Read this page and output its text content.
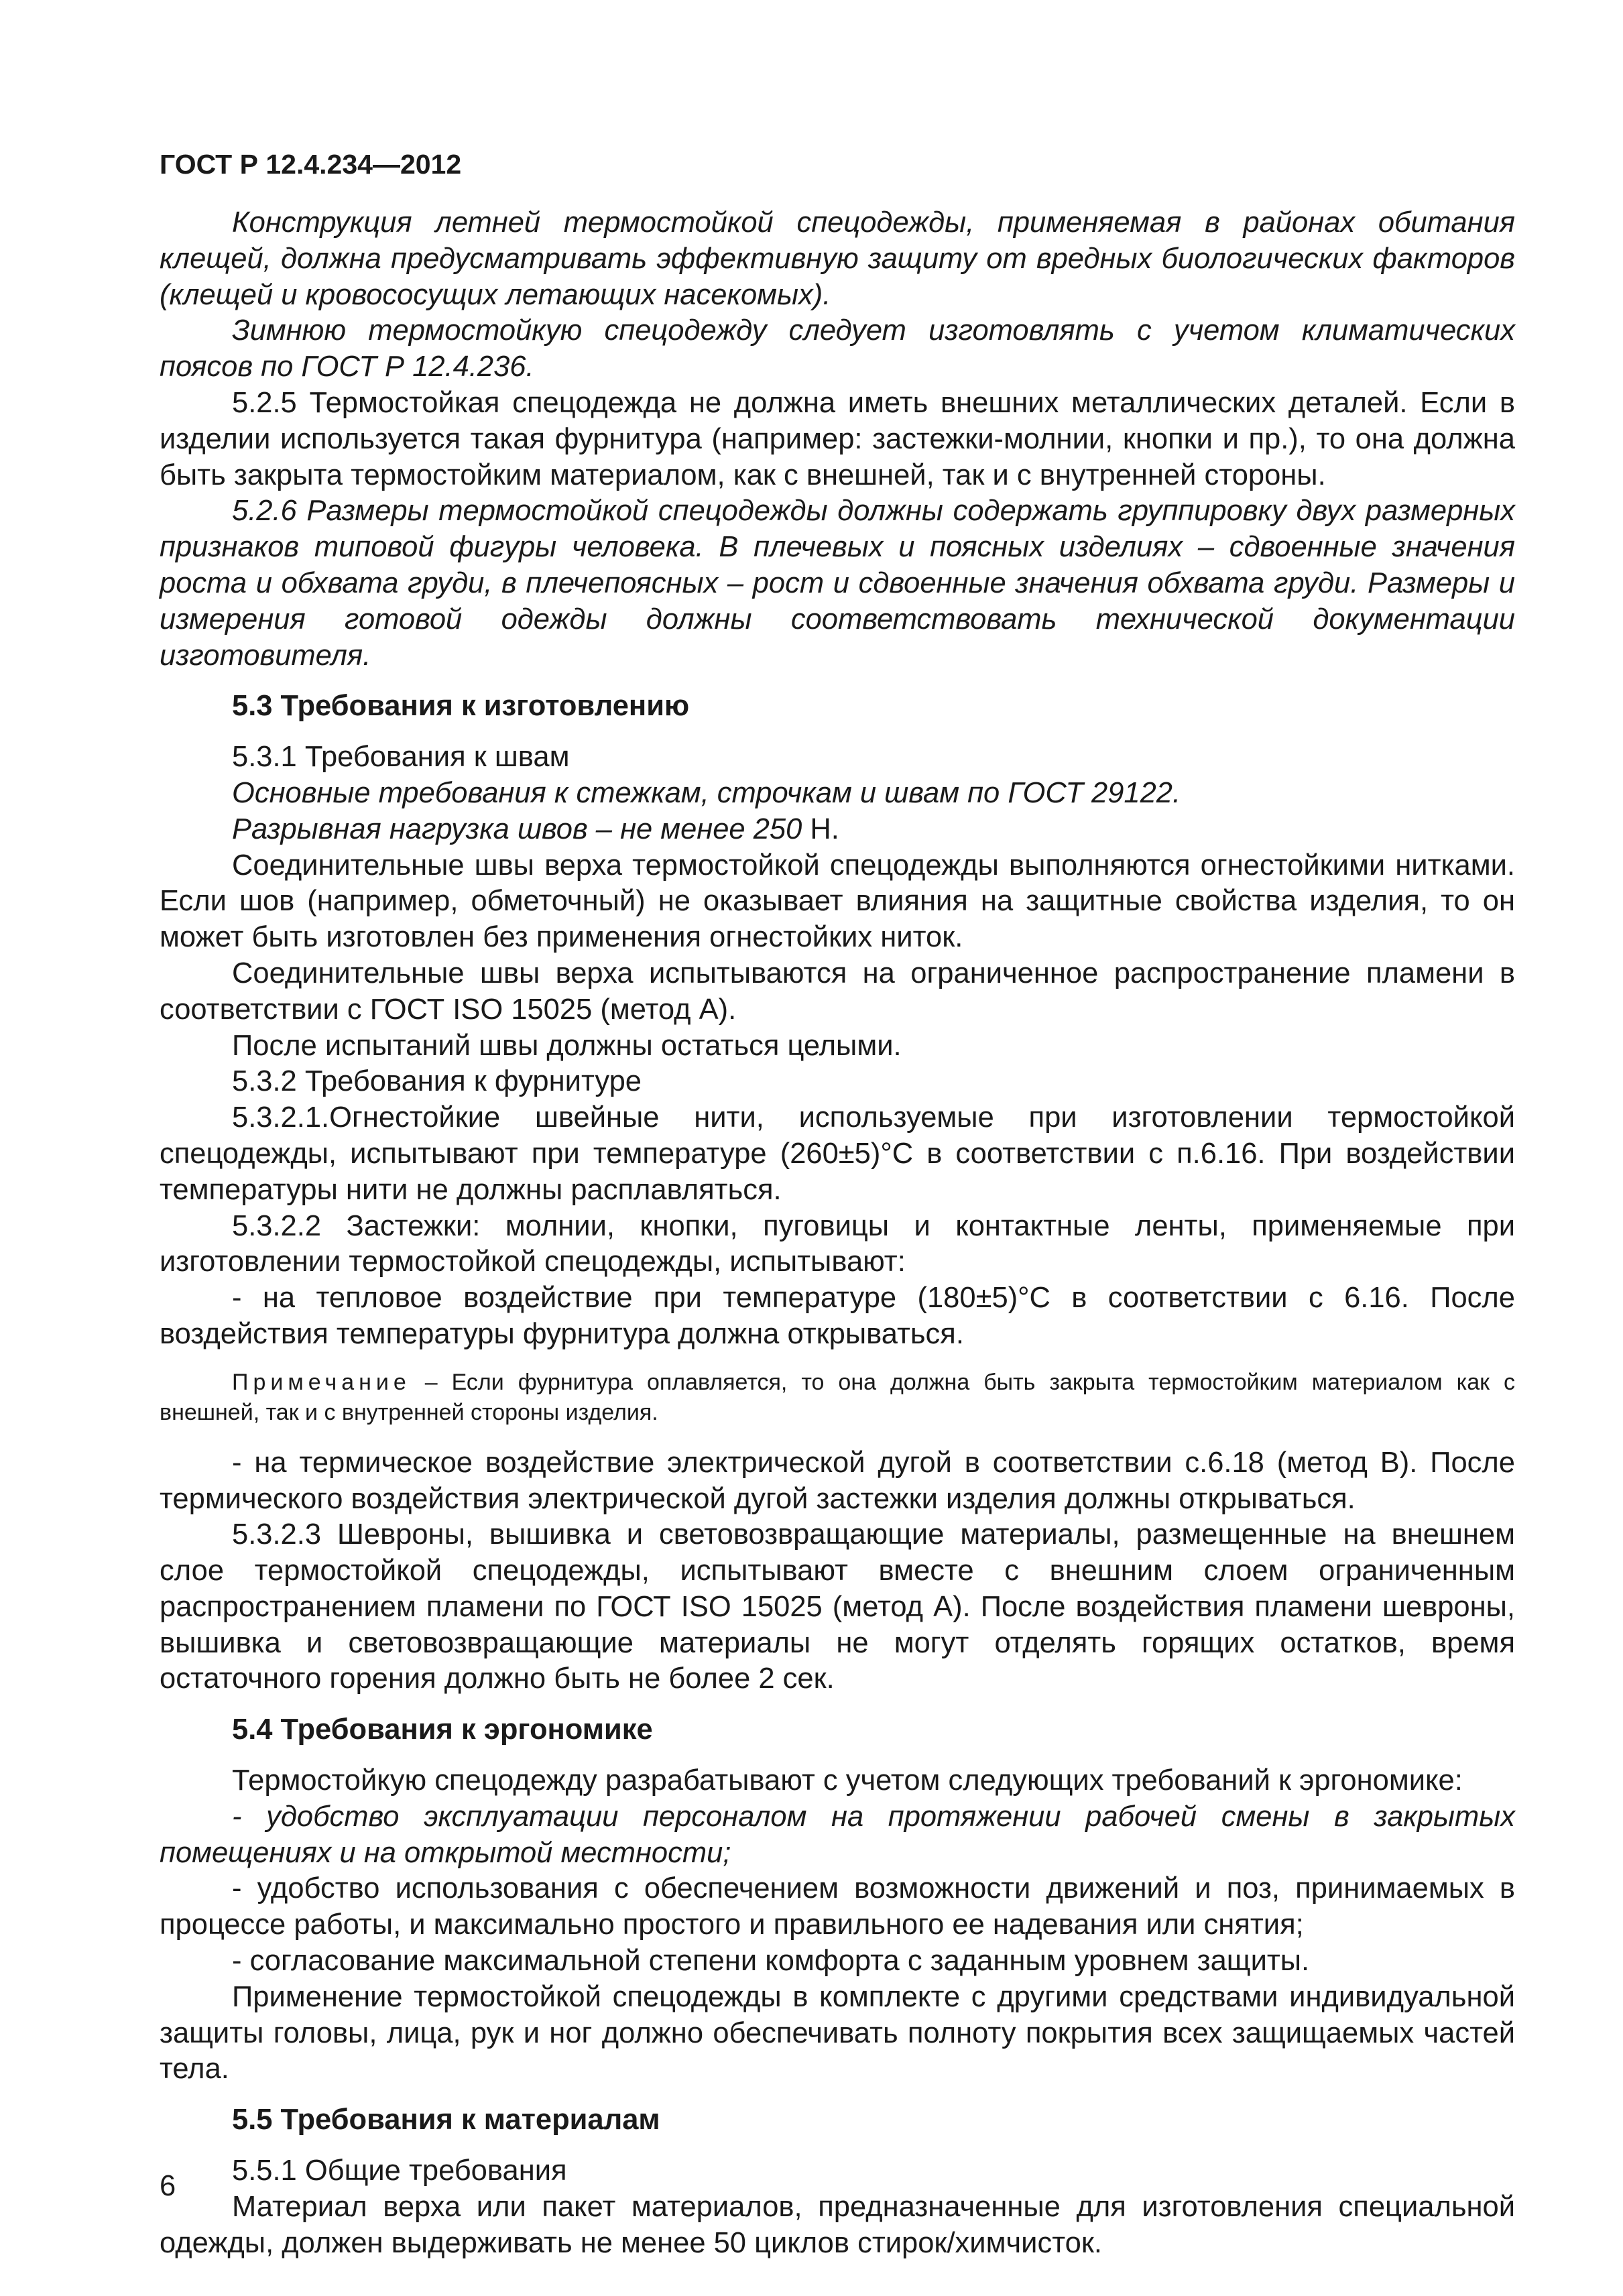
ГОСТ Р 12.4.234—2012

Конструкция летней термостойкой спецодежды, применяемая в районах обитания клещей, должна предусматривать эффективную защиту от вредных биологических факторов (клещей и кровососущих летающих насекомых).

Зимнюю термостойкую спецодежду следует изготовлять с учетом климатических поясов по ГОСТ Р 12.4.236.

5.2.5 Термостойкая спецодежда не должна иметь внешних металлических деталей. Если в изделии используется такая фурнитура (например: застежки-молнии, кнопки и пр.), то она должна быть закрыта термостойким материалом, как с внешней, так и с внутренней стороны.

5.2.6 Размеры термостойкой спецодежды должны содержать группировку двух размерных признаков типовой фигуры человека. В плечевых и поясных изделиях – сдвоенные значения роста и обхвата груди, в плечепоясных – рост и сдвоенные значения обхвата груди. Размеры и измерения готовой одежды должны соответствовать технической документации изготовителя.

5.3 Требования к изготовлению

5.3.1 Требования к швам

Основные требования к стежкам, строчкам и швам по ГОСТ 29122.

Разрывная нагрузка швов – не менее 250 Н.

Соединительные швы верха термостойкой спецодежды выполняются огнестойкими нитками. Если шов (например, обметочный) не оказывает влияния на защитные свойства изделия, то он может быть изготовлен без применения огнестойких ниток.

Соединительные швы верха испытываются на ограниченное распространение пламени в соответствии с ГОСТ ISO 15025 (метод А).

После испытаний швы должны остаться целыми.

5.3.2 Требования к фурнитуре

5.3.2.1.Огнестойкие швейные нити, используемые при изготовлении термостойкой спецодежды, испытывают при температуре (260±5)°С в соответствии с п.6.16. При воздействии температуры нити не должны расплавляться.

5.3.2.2 Застежки: молнии, кнопки, пуговицы и контактные ленты, применяемые при изготовлении термостойкой спецодежды, испытывают:

- на тепловое воздействие при температуре (180±5)°С в соответствии с 6.16. После воздействия температуры фурнитура должна открываться.

Примечание – Если фурнитура оплавляется, то она должна быть закрыта термостойким материалом как с внешней, так и с внутренней стороны изделия.

- на термическое воздействие электрической дугой в соответствии с.6.18 (метод В). После термического воздействия электрической дугой застежки изделия должны открываться.

5.3.2.3 Шевроны, вышивка и световозвращающие материалы, размещенные на внешнем слое термостойкой спецодежды, испытывают вместе с внешним слоем ограниченным распространением пламени по ГОСТ ISO 15025 (метод А). После воздействия пламени шевроны, вышивка и световозвращающие материалы не могут отделять горящих остатков, время остаточного горения должно быть не более 2 сек.

5.4 Требования к эргономике

Термостойкую спецодежду разрабатывают с учетом следующих требований к эргономике:

- удобство эксплуатации персоналом на протяжении рабочей смены в закрытых помещениях и на открытой местности;

- удобство использования с обеспечением возможности движений и поз, принимаемых в процессе работы, и максимально простого и правильного ее надевания или снятия;

- согласование максимальной степени комфорта с заданным уровнем защиты.

Применение термостойкой спецодежды в комплекте с другими средствами индивидуальной защиты головы, лица, рук и ног должно обеспечивать полноту покрытия всех защищаемых частей тела.

5.5 Требования к материалам

5.5.1 Общие требования

Материал верха или пакет материалов, предназначенные для изготовления специальной одежды, должен выдерживать не менее 50 циклов стирок/химчисток.

6
